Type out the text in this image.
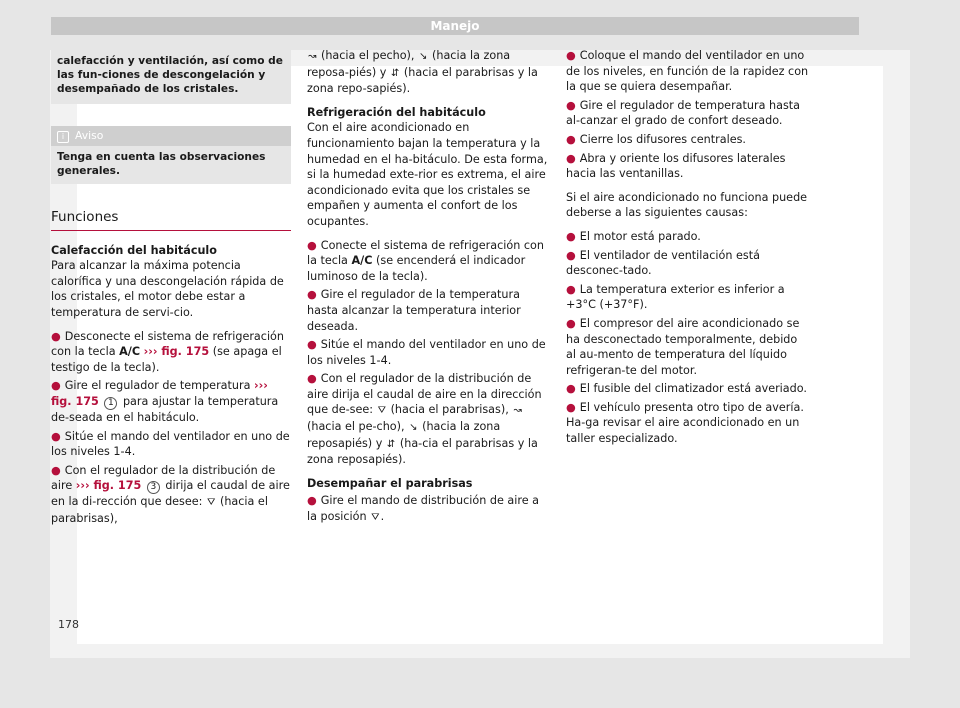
Manejo
calefacción y ventilación, así como de las fun-ciones de descongelación y desempañado de los cristales.
i Aviso
Tenga en cuenta las observaciones generales.
Funciones

Calefacción del habitáculo
Para alcanzar la máxima potencia calorífica y una descongelación rápida de los cristales, el motor debe estar a temperatura de servi-cio.

● Desconecte el sistema de refrigeración con la tecla A/C ››› fig. 175 (se apaga el testigo de la tecla).
● Gire el regulador de temperatura ››› fig. 175 1 para ajustar la temperatura de-seada en el habitáculo.
● Sitúe el mando del ventilador en uno de los niveles 1-4.
● Con el regulador de la distribución de aire ››› fig. 175 3 dirija el caudal de aire en la di-rección que desee: ⛛ (hacia el parabrisas),

↝ (hacia el pecho), ↘ (hacia la zona reposa-piés) y ⇵ (hacia el parabrisas y la zona repo-sapiés).

Refrigeración del habitáculo
Con el aire acondicionado en funcionamiento bajan la temperatura y la humedad en el ha-bitáculo. De esta forma, si la humedad exte-rior es extrema, el aire acondicionado evita que los cristales se empañen y aumenta el confort de los ocupantes.

● Conecte el sistema de refrigeración con la tecla A/C (se encenderá el indicador luminoso de la tecla).
● Gire el regulador de la temperatura hasta alcanzar la temperatura interior deseada.
● Sitúe el mando del ventilador en uno de los niveles 1-4.
● Con el regulador de la distribución de aire dirija el caudal de aire en la dirección que de-see: ⛛ (hacia el parabrisas), ↝ (hacia el pe-cho), ↘ (hacia la zona reposapiés) y ⇵ (ha-cia el parabrisas y la zona reposapiés).

Desempañar el parabrisas

● Gire el mando de distribución de aire a la posición ⛛.
● Coloque el mando del ventilador en uno de los niveles, en función de la rapidez con la que se quiera desempañar.
● Gire el regulador de temperatura hasta al-canzar el grado de confort deseado.
● Cierre los difusores centrales.
● Abra y oriente los difusores laterales hacia las ventanillas.

Si el aire acondicionado no funciona puede deberse a las siguientes causas:

● El motor está parado.
● El ventilador de ventilación está desconec-tado.
● La temperatura exterior es inferior a +3°C (+37°F).
● El compresor del aire acondicionado se ha desconectado temporalmente, debido al au-mento de temperatura del líquido refrigeran-te del motor.
● El fusible del climatizador está averiado.
● El vehículo presenta otro tipo de avería. Ha-ga revisar el aire acondicionado en un taller especializado.
178
